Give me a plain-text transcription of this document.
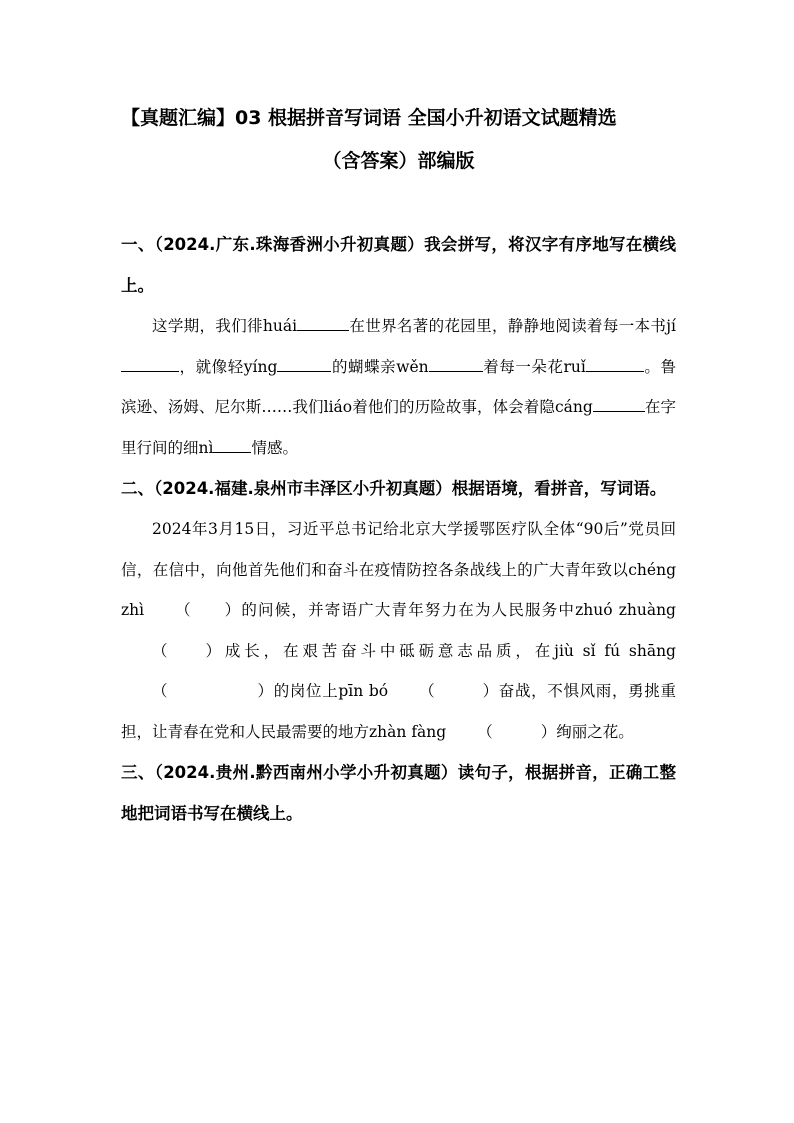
【真题汇编】03 根据拼音写词语 全国小升初语文试题精选

（含答案）部编版

一、（2024.广东.珠海香洲小升初真题）我会拼写，将汉字有序地写在横线上。

这学期，我们徘huái	在世界名著的花园里，静静地阅读着每一本书jí，就像轻yíng	的蝴蝶亲wěn	着每一朵花ruǐ	。鲁滨逊、汤姆、尼尔斯……我们liáo着他们的历险故事，体会着隐cáng	在字里行间的细nì 情感。

二、（2024.福建.泉州市丰泽区小升初真题）根据语境，看拼音，写词语。

2024年3月15日，习近平总书记给北京大学援鄂医疗队全体“90后”党员回信，在信中，向他首先他们和奋斗在疫情防控各条战线上的广大青年致以chéng zhì （ ）的问候，并寄语广大青年努力在为人民服务中zhuó zhuàng（ ）成长，在艰苦奋斗中砥砺意志品质，在jiù sǐ fú shāng（	）的岗位上pīn bó （	）奋战，不惧风雨，勇挑重担，让青春在党和人民最需要的地方zhàn fàng （	）绚丽之花。

三、（2024.贵州.黔西南州小学小升初真题）读句子，根据拼音，正确工整地把词语书写在横线上。
